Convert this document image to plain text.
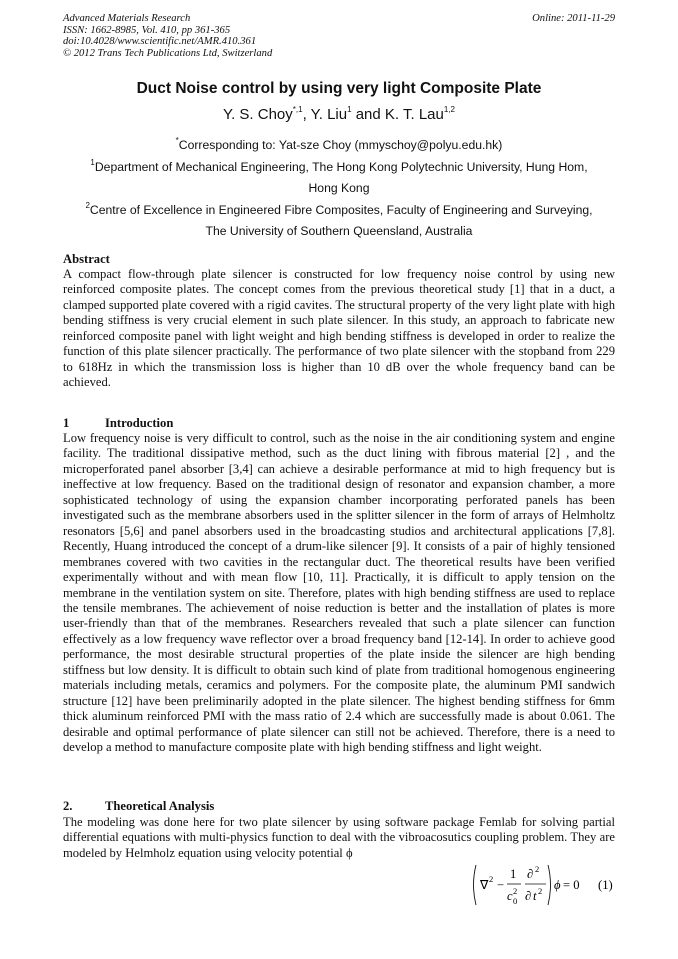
Advanced Materials Research
ISSN: 1662-8985, Vol. 410, pp 361-365
doi:10.4028/www.scientific.net/AMR.410.361
© 2012 Trans Tech Publications Ltd, Switzerland
Online: 2011-11-29
Duct Noise control by using very light Composite Plate
Y. S. Choy$^{*,1}$, Y. Liu$^1$ and K. T. Lau$^{1,2}$
*Corresponding to: Yat-sze Choy (mmyschoy@polyu.edu.hk)
$^1$Department of Mechanical Engineering, The Hong Kong Polytechnic University, Hung Hom,
Hong Kong
$^2$Centre of Excellence in Engineered Fibre Composites, Faculty of Engineering and Surveying,
The University of Southern Queensland, Australia
Abstract
A compact flow-through plate silencer is constructed for low frequency noise control by using new reinforced composite plates. The concept comes from the previous theoretical study [1] that in a duct, a clamped supported plate covered with a rigid cavites. The structural property of the very light plate with high bending stiffness is very crucial element in such plate silencer. In this study, an approach to fabricate new reinforced composite panel with light weight and high bending stiffness is developed in order to realize the function of this plate silencer practically. The performance of two plate silencer with the stopband from 229 to 618Hz in which the transmission loss is higher than 10 dB over the whole frequency band can be achieved.
1	Introduction
Low frequency noise is very difficult to control, such as the noise in the air conditioning system and engine facility. The traditional dissipative method, such as the duct lining with fibrous material [2] , and the microperforated panel absorber [3,4] can achieve a desirable performance at mid to high frequency but is ineffective at low frequency. Based on the traditional design of resonator and expansion chamber, a more sophisticated technology of using the expansion chamber incorporating perforated panels has been investigated such as the membrane absorbers used in the splitter silencer in the form of arrays of Helmholtz resonators [5,6] and panel absorbers used in the broadcasting studios and architectural applications [7,8]. Recently, Huang introduced the concept of a drum-like silencer [9]. It consists of a pair of highly tensioned membranes covered with two cavities in the rectangular duct. The theoretical results have been verified experimentally without and with mean flow [10, 11]. Practically, it is difficult to apply tension on the membrane in the ventilation system on site. Therefore, plates with high bending stiffness are used to replace the tensile membranes. The achievement of noise reduction is better and the installation of plates is more user-friendly than that of the membranes. Researchers revealed that such a plate silencer can function effectively as a low frequency wave reflector over a broad frequency band [12-14]. In order to achieve good performance, the most desirable structural properties of the plate inside the silencer are high bending stiffness but low density. It is difficult to obtain such kind of plate from traditional homogenous engineering materials including metals, ceramics and polymers. For the composite plate, the aluminum PMI sandwich structure [12] have been preliminarily adopted in the plate silencer. The highest bending stiffness for 6mm thick aluminum reinforced PMI with the mass ratio of 2.4 which are successfully made is about 0.061. The desirable and optimal performance of plate silencer can still not be achieved. Therefore, there is a need to develop a method to manufacture composite plate with high bending stiffness and light weight.
2.	Theoretical Analysis
The modeling was done here for two plate silencer by using software package Femlab for solving partial differential equations with multi-physics function to deal with the vibroacosutics coupling problem. They are modeled by Helmholz equation using velocity potential ϕ
∇ 2 −
1
c 2
0
∂ 2
∂ t 2 ϕ = 0 (1)
